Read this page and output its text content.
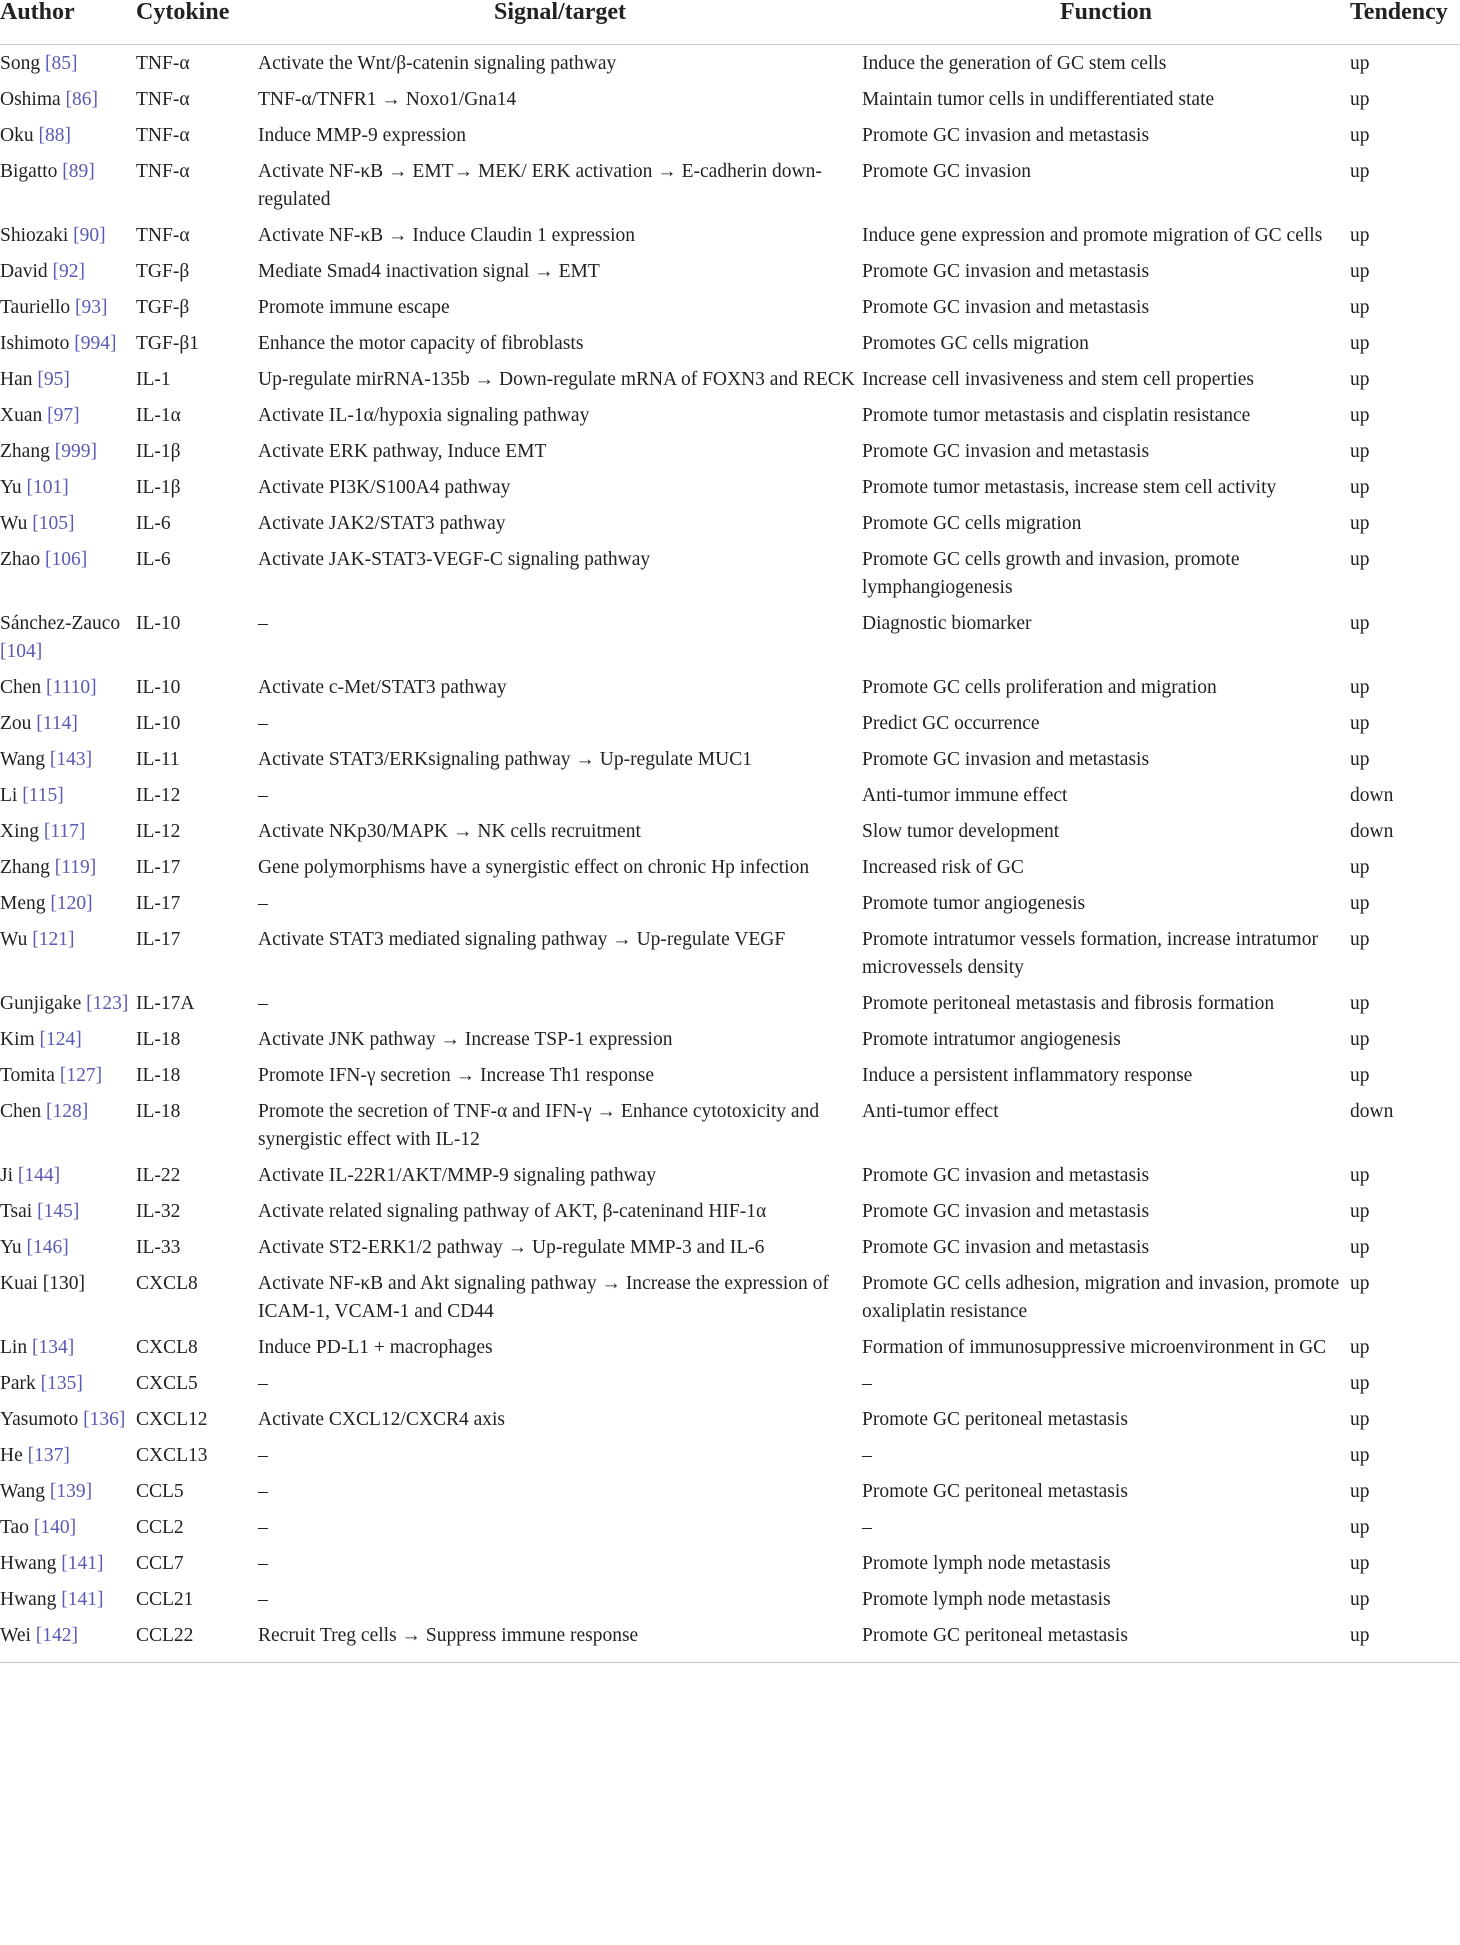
Author	Cytokine	Signal/target	Function	Tendency
Song [85]	TNF-α	Activate the Wnt/β-catenin signaling pathway	Induce the generation of GC stem cells	up
Oshima [86]	TNF-α	TNF-α/TNFR1 → Noxo1/Gna14	Maintain tumor cells in undifferentiated state	up
Oku [88]	TNF-α	Induce MMP-9 expression	Promote GC invasion and metastasis	up
Bigatto [89]	TNF-α	Activate NF-κB → EMT→ MEK/ ERK activation → E-cadherin down-regulated	Promote GC invasion	up
Shiozaki [90]	TNF-α	Activate NF-κB → Induce Claudin 1 expression	Induce gene expression and promote migration of GC cells	up
David [92]	TGF-β	Mediate Smad4 inactivation signal → EMT	Promote GC invasion and metastasis	up
Tauriello [93]	TGF-β	Promote immune escape	Promote GC invasion and metastasis	up
Ishimoto [994]	TGF-β1	Enhance the motor capacity of fibroblasts	Promotes GC cells migration	up
Han [95]	IL-1	Up-regulate mirRNA-135b → Down-regulate mRNA of FOXN3 and RECK	Increase cell invasiveness and stem cell properties	up
Xuan [97]	IL-1α	Activate IL-1α/hypoxia signaling pathway	Promote tumor metastasis and cisplatin resistance	up
Zhang [999]	IL-1β	Activate ERK pathway, Induce EMT	Promote GC invasion and metastasis	up
Yu [101]	IL-1β	Activate PI3K/S100A4 pathway	Promote tumor metastasis, increase stem cell activity	up
Wu [105]	IL-6	Activate JAK2/STAT3 pathway	Promote GC cells migration	up
Zhao [106]	IL-6	Activate JAK-STAT3-VEGF-C signaling pathway	Promote GC cells growth and invasion, promote lymphangiogenesis	up
Sánchez-Zauco [104]	IL-10	–	Diagnostic biomarker	up
Chen [1110]	IL-10	Activate c-Met/STAT3 pathway	Promote GC cells proliferation and migration	up
Zou [114]	IL-10	–	Predict GC occurrence	up
Wang [143]	IL-11	Activate STAT3/ERKsignaling pathway → Up-regulate MUC1	Promote GC invasion and metastasis	up
Li [115]	IL-12	–	Anti-tumor immune effect	down
Xing [117]	IL-12	Activate NKp30/MAPK → NK cells recruitment	Slow tumor development	down
Zhang [119]	IL-17	Gene polymorphisms have a synergistic effect on chronic Hp infection	Increased risk of GC	up
Meng [120]	IL-17	–	Promote tumor angiogenesis	up
Wu [121]	IL-17	Activate STAT3 mediated signaling pathway → Up-regulate VEGF	Promote intratumor vessels formation, increase intratumor microvessels density	up
Gunjigake [123]	IL-17A	–	Promote peritoneal metastasis and fibrosis formation	up
Kim [124]	IL-18	Activate JNK pathway → Increase TSP-1 expression	Promote intratumor angiogenesis	up
Tomita [127]	IL-18	Promote IFN-γ secretion → Increase Th1 response	Induce a persistent inflammatory response	up
Chen [128]	IL-18	Promote the secretion of TNF-α and IFN-γ → Enhance cytotoxicity and synergistic effect with IL-12	Anti-tumor effect	down
Ji [144]	IL-22	Activate IL-22R1/AKT/MMP-9 signaling pathway	Promote GC invasion and metastasis	up
Tsai [145]	IL-32	Activate related signaling pathway of AKT, β-cateninand HIF-1α	Promote GC invasion and metastasis	up
Yu [146]	IL-33	Activate ST2-ERK1/2 pathway → Up-regulate MMP-3 and IL-6	Promote GC invasion and metastasis	up
Kuai [130]	CXCL8	Activate NF-κB and Akt signaling pathway → Increase the expression of ICAM-1, VCAM-1 and CD44	Promote GC cells adhesion, migration and invasion, promote oxaliplatin resistance	up
Lin [134]	CXCL8	Induce PD-L1 + macrophages	Formation of immunosuppressive microenvironment in GC	up
Park [135]	CXCL5	–	–	up
Yasumoto [136]	CXCL12	Activate CXCL12/CXCR4 axis	Promote GC peritoneal metastasis	up
He [137]	CXCL13	–	–	up
Wang [139]	CCL5	–	Promote GC peritoneal metastasis	up
Tao [140]	CCL2	–	–	up
Hwang [141]	CCL7	–	Promote lymph node metastasis	up
Hwang [141]	CCL21	–	Promote lymph node metastasis	up
Wei [142]	CCL22	Recruit Treg cells → Suppress immune response	Promote GC peritoneal metastasis	up
